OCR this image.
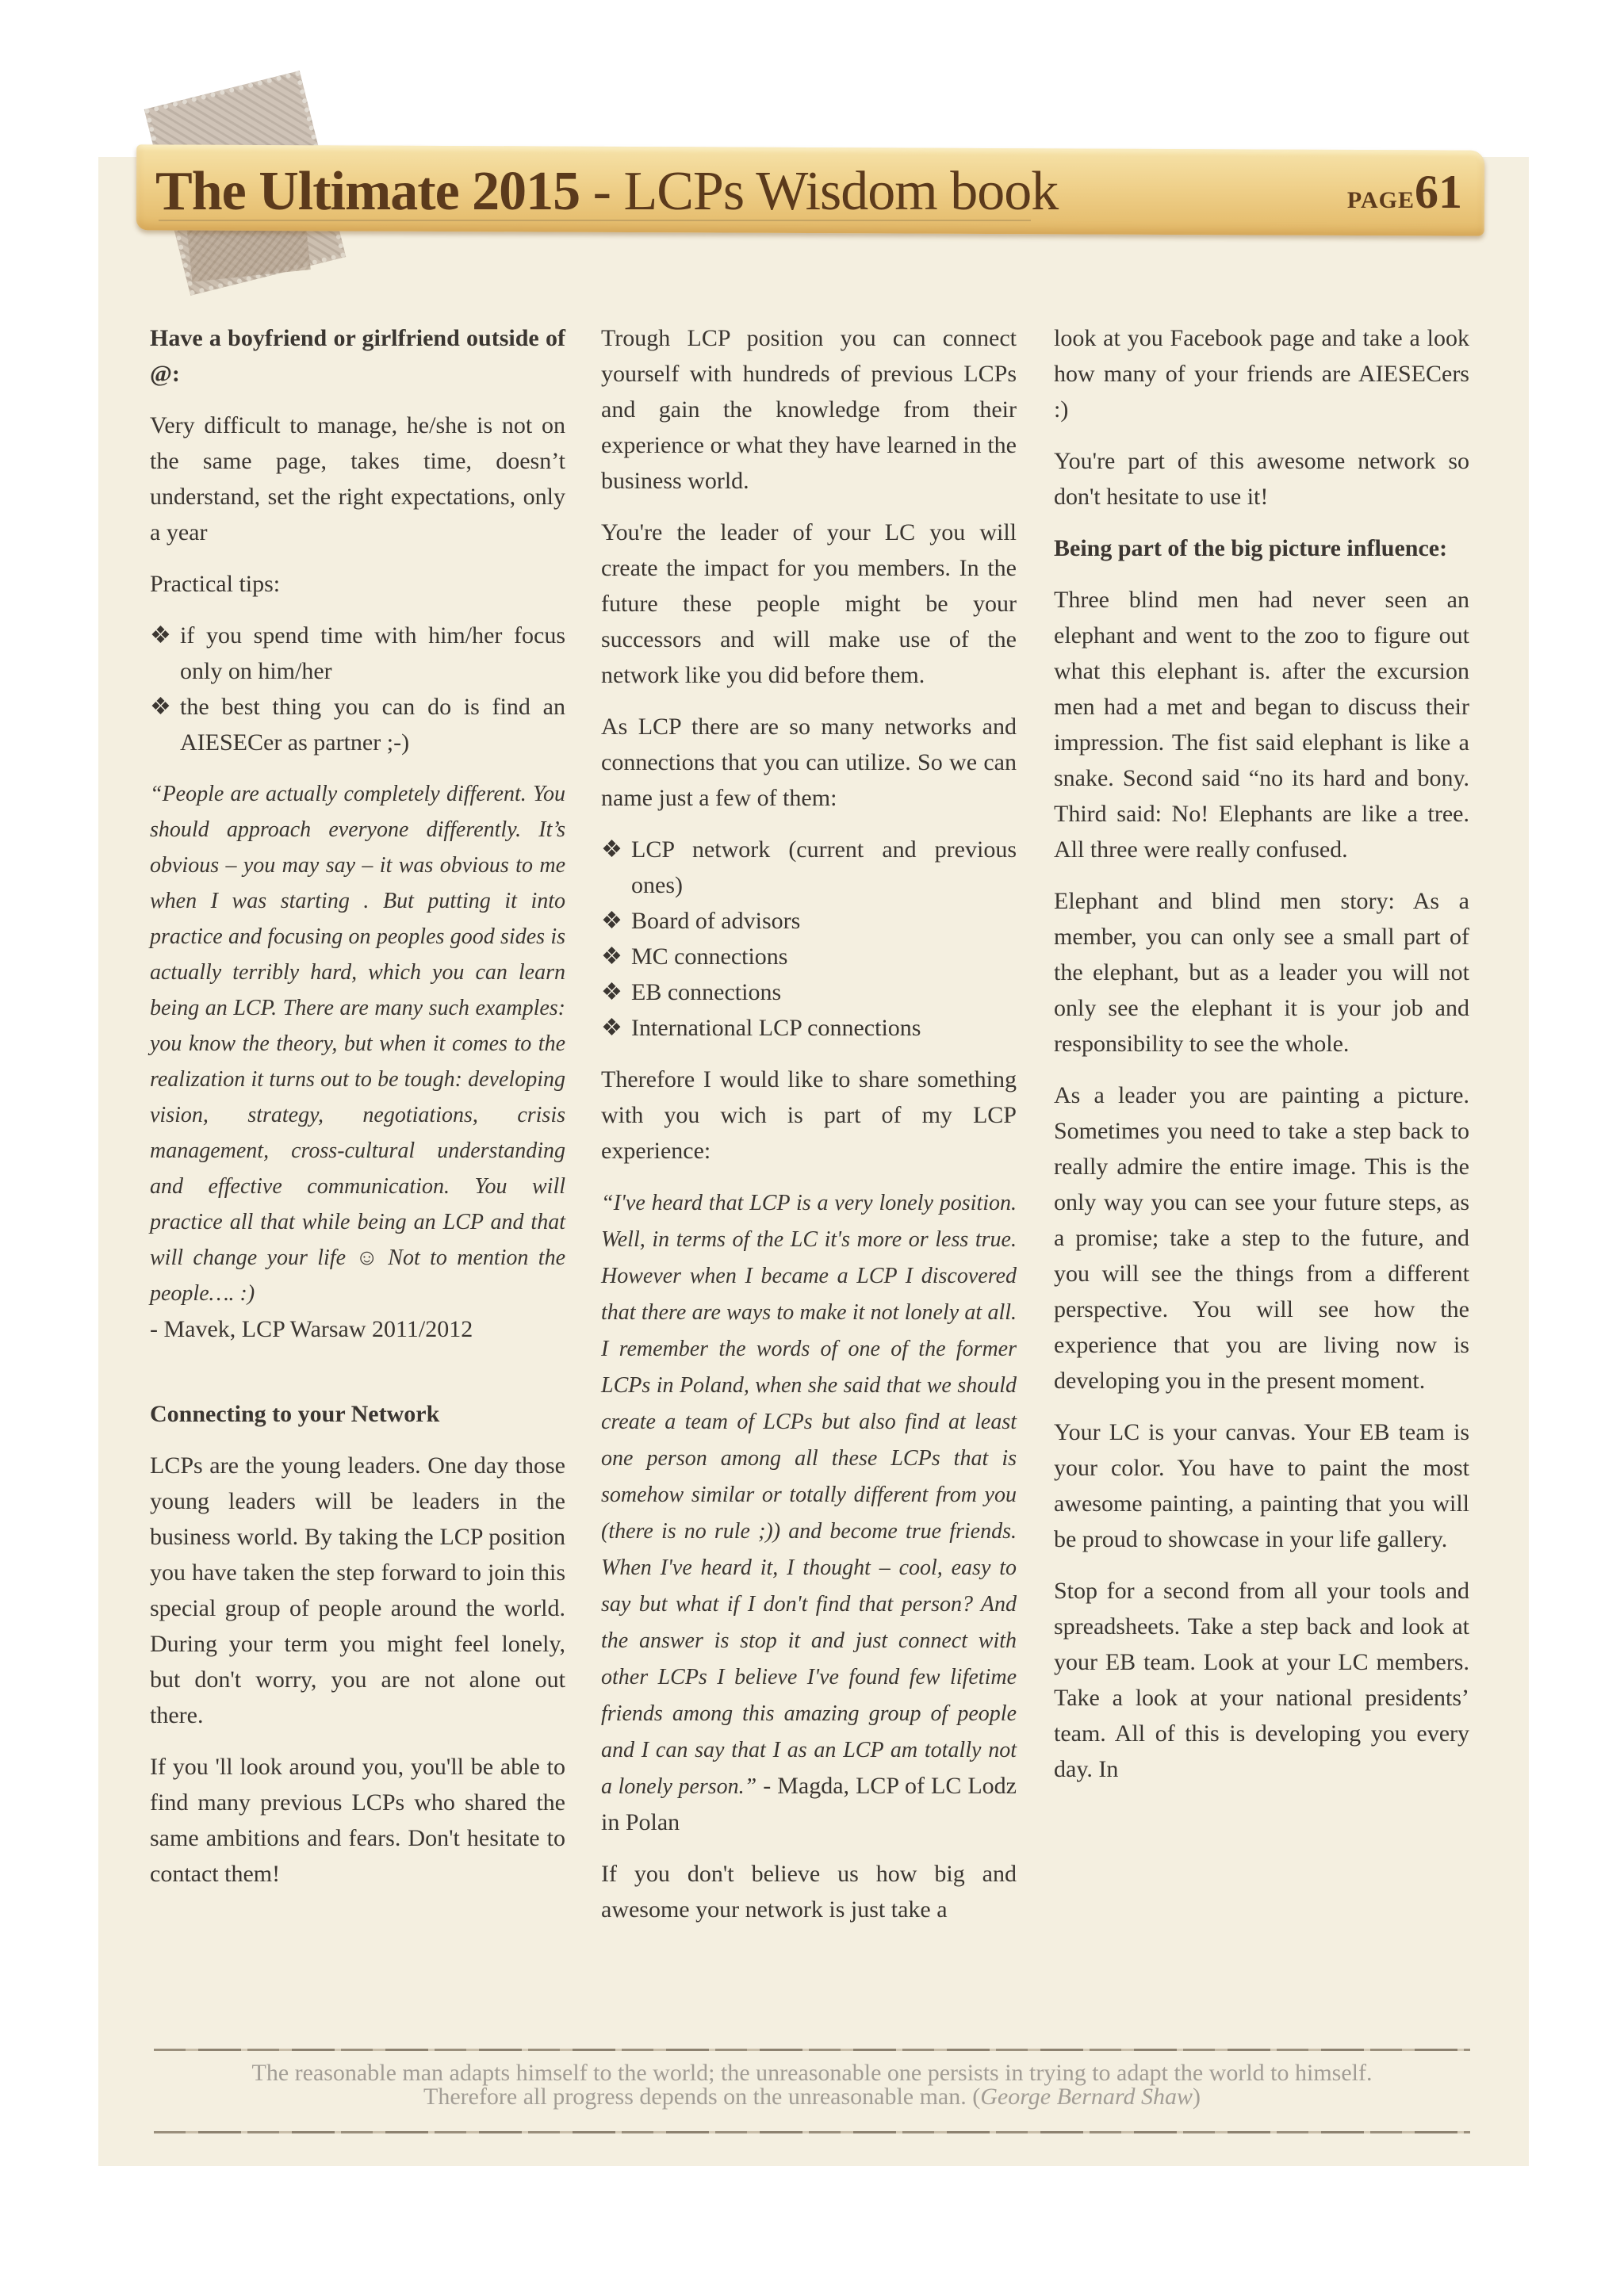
The Ultimate 2015 - LCPs Wisdom book	PAGE61

Have a boyfriend or girlfriend outside of @:

Very difficult to manage, he/she is not on the same page, takes time, doesn’t understand, set the right expectations, only a year

Practical tips:

❖ if you spend time with him/her focus only on him/her
❖ the best thing you can do is find an AIESECer as partner ;-)

“People are actually completely different. You should approach everyone differently. It’s obvious – you may say – it was obvious to me when I was starting . But putting it into practice and focusing on peoples good sides is actually terribly hard, which you can learn being an LCP. There are many such examples: you know the theory, but when it comes to the realization it turns out to be tough: developing vision, strategy, negotiations, crisis management, cross-cultural understanding and effective communication. You will practice all that while being an LCP and that will change your life ☺ Not to mention the people…. :)

- Mavek, LCP Warsaw 2011/2012

Connecting to your Network

LCPs are the young leaders. One day those young leaders will be leaders in the business world. By taking the LCP position you have taken the step forward to join this special group of people around the world. During your term you might feel lonely, but don't worry, you are not alone out there.

If you 'll look around you, you'll be able to find many previous LCPs who shared the same ambitions and fears. Don't hesitate to contact them!

Trough LCP position you can connect yourself with hundreds of previous LCPs and gain the knowledge from their experience or what they have learned in the business world.

You're the leader of your LC you will create the impact for you members. In the future these people might be your successors and will make use of the network like you did before them.

As LCP there are so many networks and connections that you can utilize. So we can name just a few of them:

❖ LCP network (current and previous ones)
❖ Board of advisors
❖ MC connections
❖ EB connections
❖ International LCP connections

Therefore I would like to share something with you wich is part of my LCP experience:

“I've heard that LCP is a very lonely position. Well, in terms of the LC it's more or less true. However when I became a LCP I discovered that there are ways to make it not lonely at all. I remember the words of one of the former LCPs in Poland, when she said that we should create a team of LCPs but also find at least one person among all these LCPs that is somehow similar or totally different from you (there is no rule ;)) and become true friends. When I've heard it, I thought – cool, easy to say but what if I don't find that person? And the answer is stop it and just connect with other LCPs I believe I've found few lifetime friends among this amazing group of people and I can say that I as an LCP am totally not a lonely person.” - Magda, LCP of LC Lodz in Polan

If you don't believe us how big and awesome your network is just take a

look at you Facebook page and take a look how many of your friends are AIESECers :)

You're part of this awesome network so don't hesitate to use it!

Being part of the big picture influence:

Three blind men had never seen an elephant and went to the zoo to figure out what this elephant is. after the excursion men had a met and began to discuss their impression. The fist said elephant is like a snake. Second said “no its hard and bony. Third said: No! Elephants are like a tree. All three were really confused.

Elephant and blind men story: As a member, you can only see a small part of the elephant, but as a leader you will not only see the elephant it is your job and responsibility to see the whole.

As a leader you are painting a picture. Sometimes you need to take a step back to really admire the entire image. This is the only way you can see your future steps, as a promise; take a step to the future, and you will see the things from a different perspective. You will see how the experience that you are living now is developing you in the present moment.

Your LC is your canvas. Your EB team is your color. You have to paint the most awesome painting, a painting that you will be proud to showcase in your life gallery.

Stop for a second from all your tools and spreadsheets. Take a step back and look at your EB team. Look at your LC members. Take a look at your national presidents’ team. All of this is developing you every day. In

The reasonable man adapts himself to the world; the unreasonable one persists in trying to adapt the world to himself.
Therefore all progress depends on the unreasonable man. (George Bernard Shaw)
